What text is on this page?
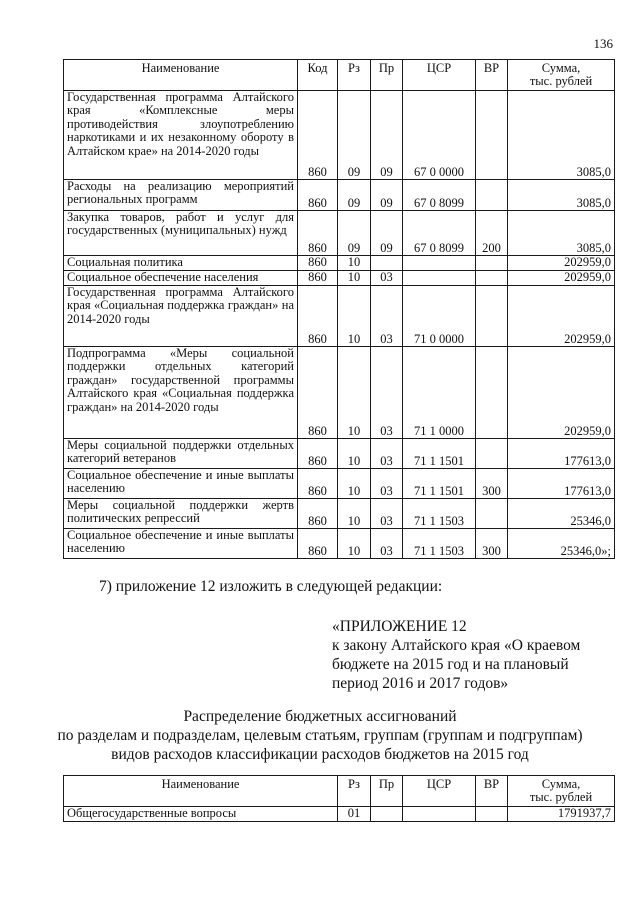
136
Наименование	Код	Рз	Пр	ЦСР	ВР	Сумма,
тыс. рублей

Государственная программа Алтайского края «Комплексные меры противодействия злоупотреблению наркотиками и их незаконному обороту в Алтайском крае» на 2014-2020 годы	860	09	09	67 0 0000		3085,0

Расходы на реализацию мероприятий региональных программ	860	09	09	67 0 8099		3085,0

Закупка товаров, работ и услуг для государственных (муниципальных) нужд	860	09	09	67 0 8099	200	3085,0

Социальная политика	860	10				202959,0

Социальное обеспечение населения	860	10	03			202959,0

Государственная программа Алтайского края «Социальная поддержка граждан» на 2014-2020 годы	860	10	03	71 0 0000		202959,0

Подпрограмма «Меры социальной поддержки отдельных категорий граждан» государственной программы Алтайского края «Социальная поддержка граждан» на 2014-2020 годы	860	10	03	71 1 0000		202959,0

Меры социальной поддержки отдельных категорий ветеранов	860	10	03	71 1 1501		177613,0

Социальное обеспечение и иные выплаты населению	860	10	03	71 1 1501	300	177613,0

Меры социальной поддержки жертв политических репрессий	860	10	03	71 1 1503		25346,0

Социальное обеспечение и иные выплаты населению	860	10	03	71 1 1503	300	25346,0»;
7) приложение 12 изложить в следующей редакции:
«ПРИЛОЖЕНИЕ 12
к закону Алтайского края «О краевом
бюджете на 2015 год и на плановый
период 2016 и 2017 годов»
Распределение бюджетных ассигнований
по разделам и подразделам, целевым статьям, группам (группам и подгруппам)
видов расходов классификации расходов бюджетов на 2015 год
Наименование	Рз	Пр	ЦСР	ВР	Сумма,
тыс. рублей

Общегосударственные вопросы	01				1791937,7
